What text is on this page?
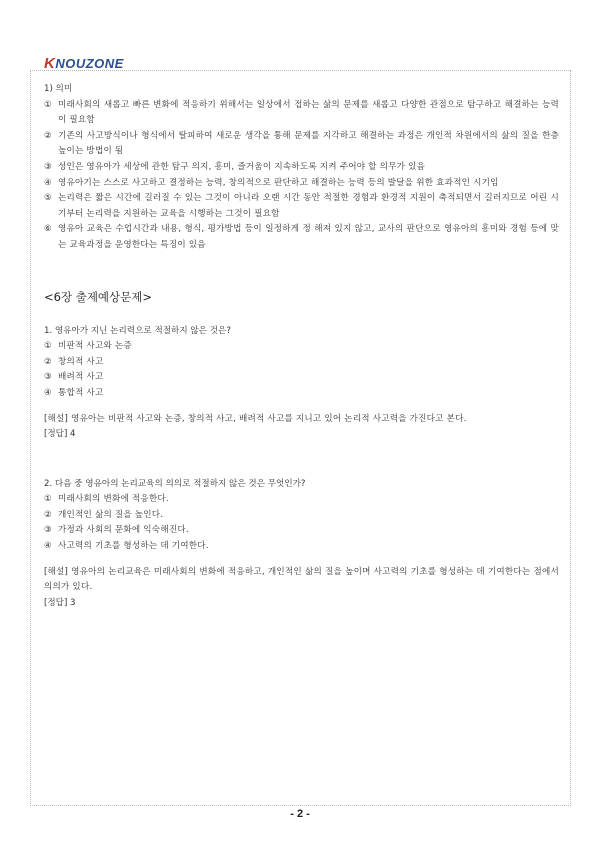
KNOUZONE
1) 의미
① 미래사회의 새롭고 빠른 변화에 적응하기 위해서는 일상에서 접하는 삶의 문제를 새롭고 다양한 관점으로 탐구하고 해결하는 능력이 필요함
② 기존의 사고방식이나 형식에서 탈피하여 새로운 생각을 통해 문제를 지각하고 해결하는 과정은 개인적 차원에서의 삶의 질을 한층 높이는 방법이 됨
③ 성인은 영유아가 세상에 관한 탐구 의지, 흥미, 즐거움이 지속하도록 지켜 주어야 할 의무가 있음
④ 영유아기는 스스로 사고하고 결정하는 능력, 창의적으로 판단하고 해결하는 능력 등의 발달을 위한 효과적인 시기임
⑤ 논리력은 짧은 시간에 길러질 수 있는 그것이 아니라 오랜 시간 동안 적절한 경험과 환경적 지원이 축적되면서 길러지므로 어린 시기부터 논리력을 지원하는 교육을 시행하는 그것이 필요함
⑥ 영유아 교육은 수업시간과 내용, 형식, 평가방법 등이 일정하게 정 해져 있지 않고, 교사의 판단으로 영유아의 흥미와 경험 등에 맞는 교육과정을 운영한다는 특징이 있음
<6장 출제예상문제>
1. 영유아가 지닌 논리력으로 적절하지 않은 것은?
① 비판적 사고와 논증
② 창의적 사고
③ 배려적 사고
④ 통합적 사고
[해설] 영유아는 비판적 사고와 논증, 창의적 사고, 배려적 사고를 지니고 있어 논리적 사고력을 가진다고 본다.
[정답] 4
2. 다음 중 영유아의 논리교육의 의의로 적절하지 않은 것은 무엇인가?
① 미래사회의 변화에 적응한다.
② 개인적인 삶의 질을 높인다.
③ 가정과 사회의 문화에 익숙해진다.
④ 사고력의 기초를 형성하는 데 기여한다.
[해설] 영유아의 논리교육은 미래사회의 변화에 적응하고, 개인적인 삶의 질을 높이며 사고력의 기초를 형성하는 데 기여한다는 점에서 의의가 있다.
[정답] 3
- 2 -
